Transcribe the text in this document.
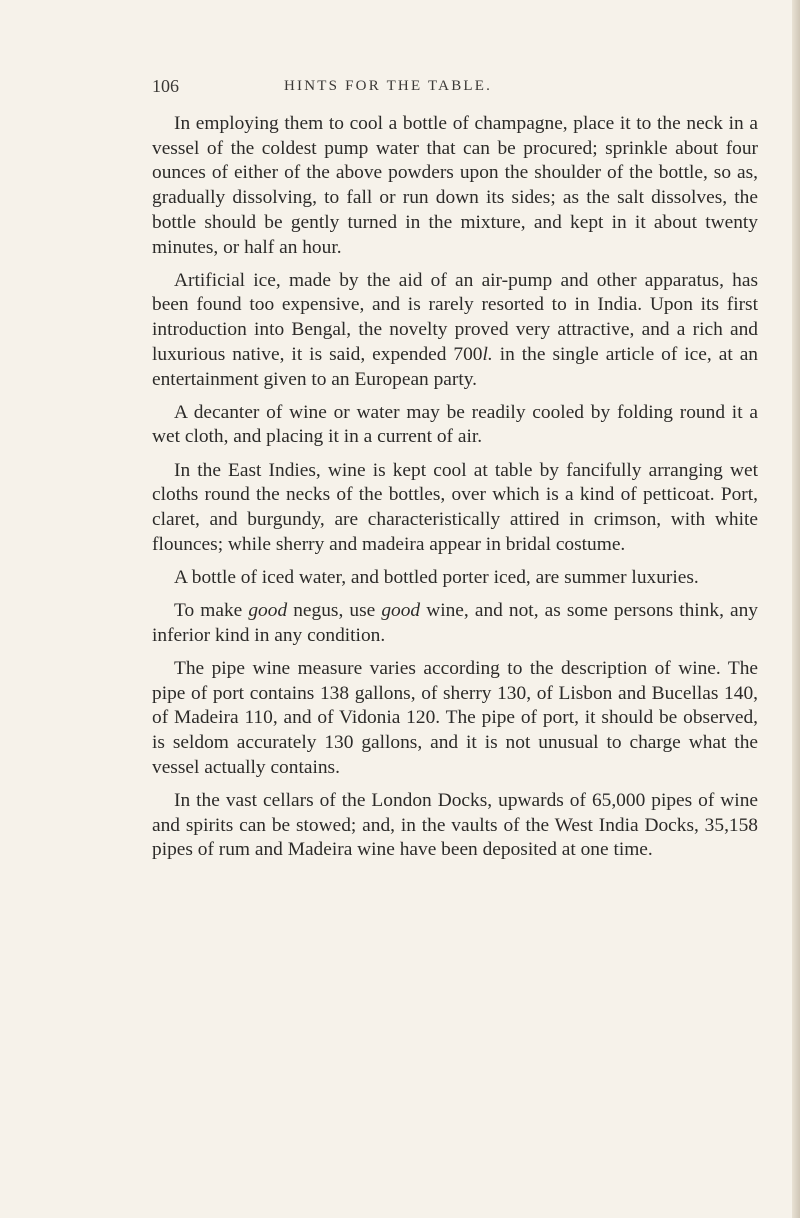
106	HINTS FOR THE TABLE.

In employing them to cool a bottle of champagne, place it to the neck in a vessel of the coldest pump water that can be procured; sprinkle about four ounces of either of the above powders upon the shoulder of the bottle, so as, gradually dissolving, to fall or run down its sides; as the salt dissolves, the bottle should be gently turned in the mixture, and kept in it about twenty minutes, or half an hour.

Artificial ice, made by the aid of an air-pump and other apparatus, has been found too expensive, and is rarely resorted to in India. Upon its first introduction into Bengal, the novelty proved very attractive, and a rich and luxurious native, it is said, expended 700l. in the single article of ice, at an entertainment given to an European party.

A decanter of wine or water may be readily cooled by folding round it a wet cloth, and placing it in a current of air.

In the East Indies, wine is kept cool at table by fancifully arranging wet cloths round the necks of the bottles, over which is a kind of petticoat. Port, claret, and burgundy, are characteristically attired in crimson, with white flounces; while sherry and madeira appear in bridal costume.

A bottle of iced water, and bottled porter iced, are summer luxuries.

To make good negus, use good wine, and not, as some persons think, any inferior kind in any condition.

The pipe wine measure varies according to the description of wine. The pipe of port contains 138 gallons, of sherry 130, of Lisbon and Bucellas 140, of Madeira 110, and of Vidonia 120. The pipe of port, it should be observed, is seldom accurately 130 gallons, and it is not unusual to charge what the vessel actually contains.

In the vast cellars of the London Docks, upwards of 65,000 pipes of wine and spirits can be stowed; and, in the vaults of the West India Docks, 35,158 pipes of rum and Madeira wine have been deposited at one time.
